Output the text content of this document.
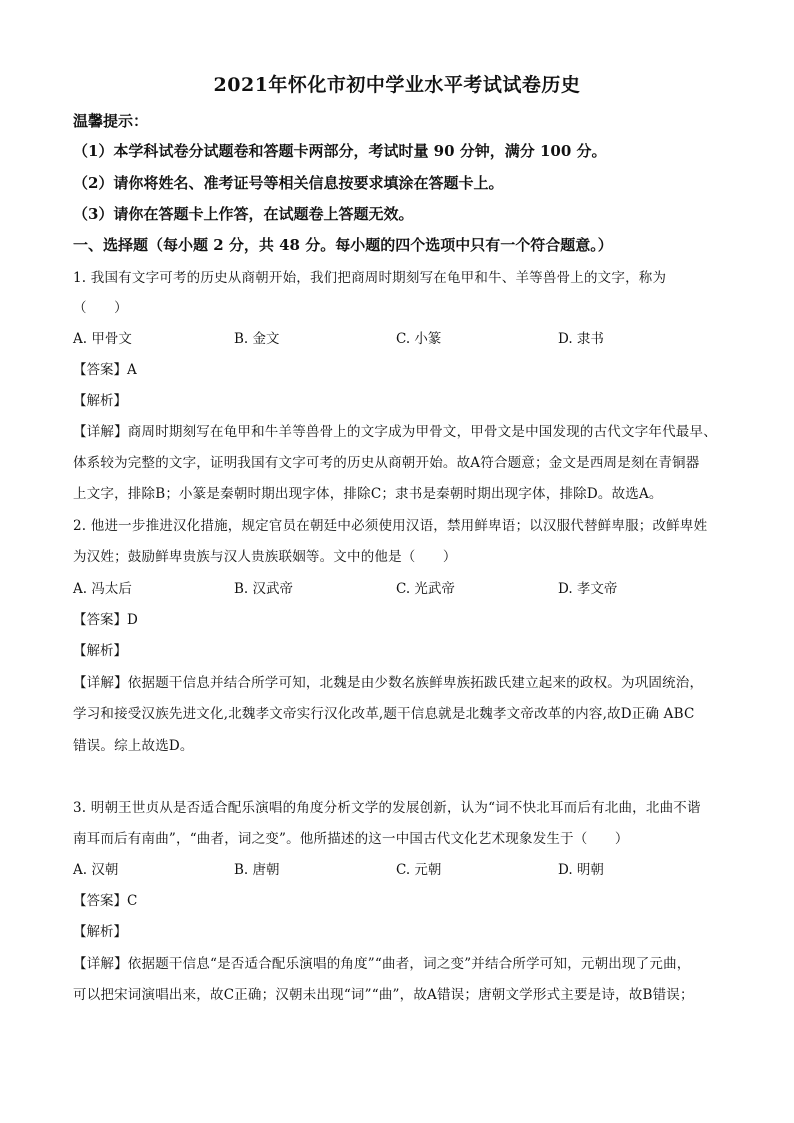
2021年怀化市初中学业水平考试试卷历史
温馨提示：
（1）本学科试卷分试题卷和答题卡两部分，考试时量 90 分钟，满分 100 分。
（2）请你将姓名、准考证号等相关信息按要求填涂在答题卡上。
（3）请你在答题卡上作答，在试题卷上答题无效。
一、选择题（每小题 2 分，共 48 分。每小题的四个选项中只有一个符合题意。）
1. 我国有文字可考的历史从商朝开始，我们把商周时期刻写在龟甲和牛、羊等兽骨上的文字，称为
（　　）
A. 甲骨文	B. 金文	C. 小篆	D. 隶书
【答案】A
【解析】
【详解】商周时期刻写在龟甲和牛羊等兽骨上的文字成为甲骨文，甲骨文是中国发现的古代文字年代最早、
体系较为完整的文字，证明我国有文字可考的历史从商朝开始。故A符合题意；金文是西周是刻在青铜器
上文字，排除B；小篆是秦朝时期出现字体，排除C；隶书是秦朝时期出现字体，排除D。故选A。
2. 他进一步推进汉化措施，规定官员在朝廷中必须使用汉语，禁用鲜卑语；以汉服代替鲜卑服；改鲜卑姓
为汉姓；鼓励鲜卑贵族与汉人贵族联姻等。文中的他是（　　）
A. 冯太后	B. 汉武帝	C. 光武帝	D. 孝文帝
【答案】D
【解析】
【详解】依据题干信息并结合所学可知，北魏是由少数名族鲜卑族拓跋氏建立起来的政权。为巩固统治，
学习和接受汉族先进文化,北魏孝文帝实行汉化改革,题干信息就是北魏孝文帝改革的内容,故D正确 ABC
错误。综上故选D。
3. 明朝王世贞从是否适合配乐演唱的角度分析文学的发展创新，认为“词不快北耳而后有北曲，北曲不谐
南耳而后有南曲”，“曲者，词之变”。他所描述的这一中国古代文化艺术现象发生于（　　）
A. 汉朝	B. 唐朝	C. 元朝	D. 明朝
【答案】C
【解析】
【详解】依据题干信息“是否适合配乐演唱的角度”“曲者，词之变”并结合所学可知，元朝出现了元曲，
可以把宋词演唱出来，故C正确；汉朝未出现“词”“曲”，故A错误；唐朝文学形式主要是诗，故B错误；
